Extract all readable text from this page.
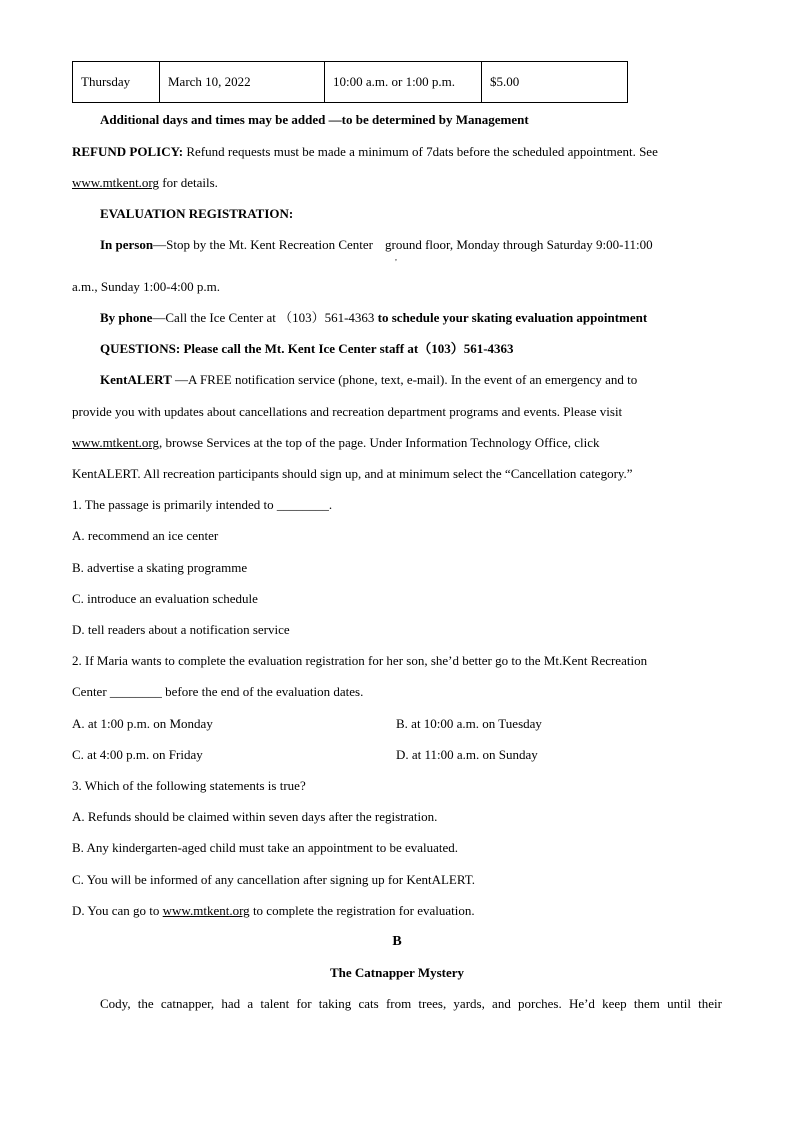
Thursday	March 10, 2022	10:00 a.m. or 1:00 p.m.	$5.00
Additional days and times may be added —to be determined by Management
REFUND POLICY: Refund requests must be made a minimum of 7dats before the scheduled appointment. See
www.mtkent.org for details.
EVALUATION REGISTRATION:
In person—Stop by the Mt. Kent Recreation Center ground floor, Monday through Saturday 9:00-11:00
,
a.m., Sunday 1:00-4:00 p.m.
By phone—Call the Ice Center at （103）561-4363 to schedule your skating evaluation appointment
QUESTIONS: Please call the Mt. Kent Ice Center staff at（103）561-4363
KentALERT —A FREE notification service (phone, text, e-mail). In the event of an emergency and to
provide you with updates about cancellations and recreation department programs and events. Please visit
www.mtkent.org, browse Services at the top of the page. Under Information Technology Office, click
KentALERT. All recreation participants should sign up, and at minimum select the “Cancellation category.”
1. The passage is primarily intended to ________.
A. recommend an ice center
B. advertise a skating programme
C. introduce an evaluation schedule
D. tell readers about a notification service
2. If Maria wants to complete the evaluation registration for her son, she’d better go to the Mt.Kent Recreation
Center ________ before the end of the evaluation dates.
A. at 1:00 p.m. on Monday	B. at 10:00 a.m. on Tuesday
C. at 4:00 p.m. on Friday	D. at 11:00 a.m. on Sunday
3. Which of the following statements is true?
A. Refunds should be claimed within seven days after the registration.
B. Any kindergarten-aged child must take an appointment to be evaluated.
C. You will be informed of any cancellation after signing up for KentALERT.
D. You can go to www.mtkent.org to complete the registration for evaluation.
B
The Catnapper Mystery
Cody, the catnapper, had a talent for taking cats from trees, yards, and porches. He’d keep them until their
